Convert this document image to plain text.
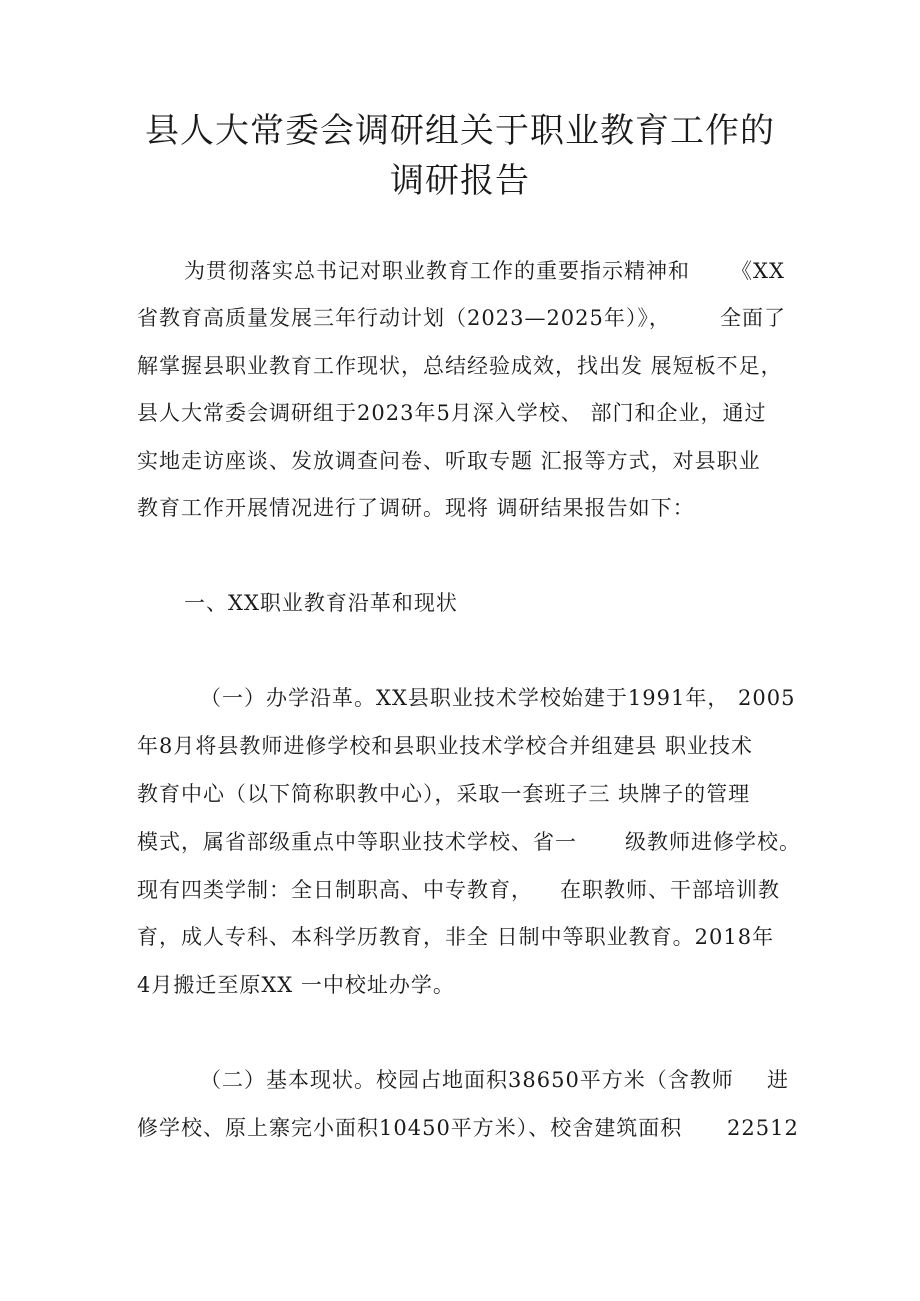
县人大常委会调研组关于职业教育工作的
调研报告

为贯彻落实总书记对职业教育工作的重要指示精神和 《XX

省教育高质量发展三年行动计划（2023—2025年）》， 全面了

解掌握县职业教育工作现状，总结经验成效，找出发 展短板不足，

县人大常委会调研组于2023年5月深入学校、 部门和企业，通过

实地走访座谈、发放调查问卷、听取专题 汇报等方式，对县职业

教育工作开展情况进行了调研。现将 调研结果报告如下：

一、XX职业教育沿革和现状

（一）办学沿革。XX县职业技术学校始建于1991年， 2005

年8月将县教师进修学校和县职业技术学校合并组建县 职业技术

教育中心（以下简称职教中心），采取一套班子三 块牌子的管理

模式，属省部级重点中等职业技术学校、省一 级教师进修学校。

现有四类学制：全日制职高、中专教育， 在职教师、干部培训教

育，成人专科、本科学历教育，非全 日制中等职业教育。2018年

4月搬迁至原XX 一中校址办学。

（二）基本现状。校园占地面积38650平方米（含教师 进

修学校、原上寨完小面积10450平方米）、校舍建筑面积 22512
